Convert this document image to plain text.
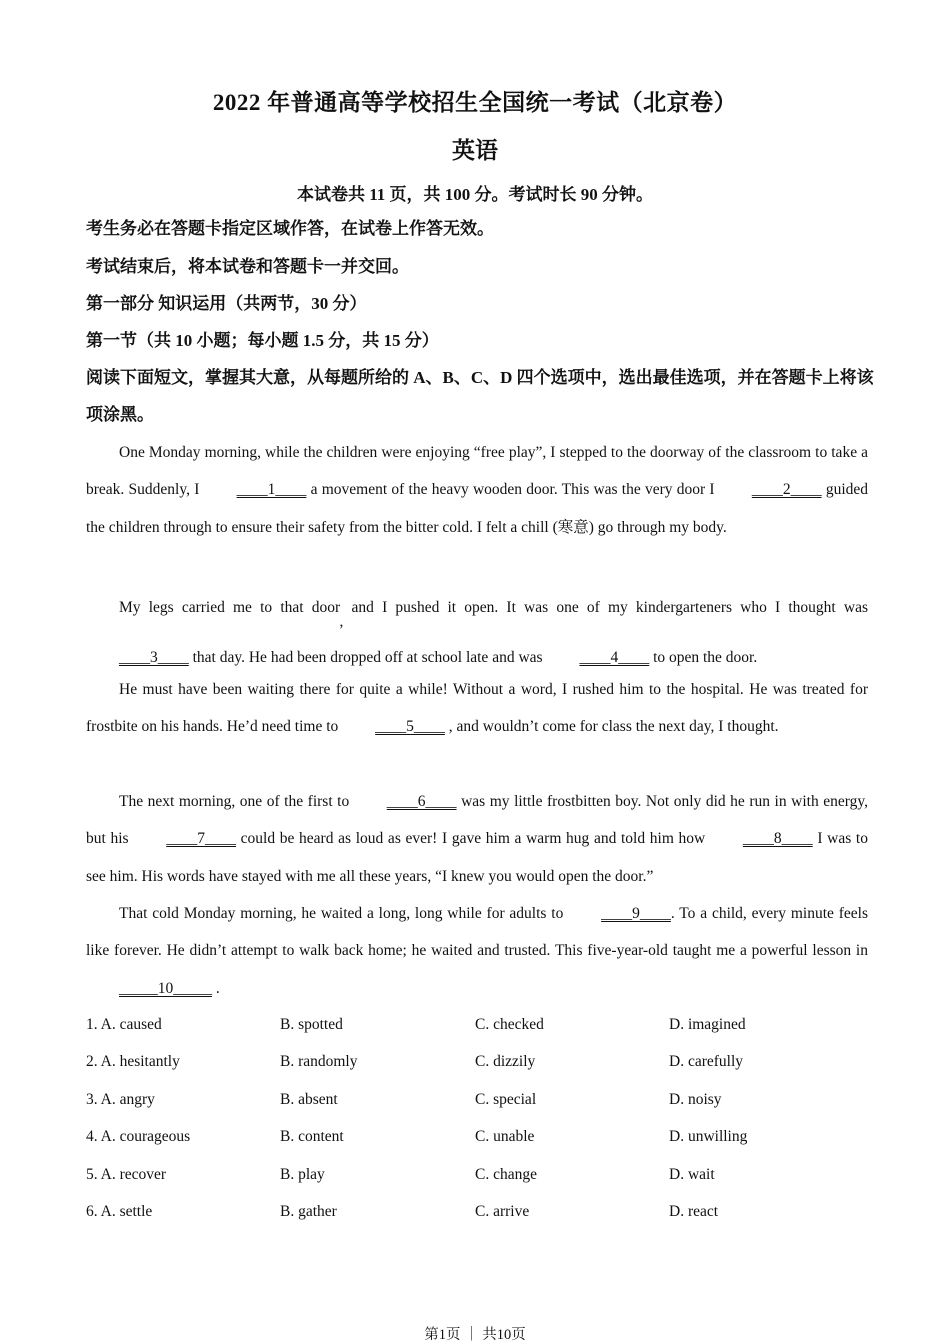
2022 年普通高等学校招生全国统一考试（北京卷）
英语
本试卷共 11 页，共 100 分。考试时长 90 分钟。
考生务必在答题卡指定区域作答，在试卷上作答无效。
考试结束后，将本试卷和答题卡一并交回。
第一部分 知识运用（共两节，30 分）
第一节（共 10 小题；每小题 1.5 分，共 15 分）
阅读下面短文，掌握其大意，从每题所给的 A、B、C、D 四个选项中，选出最佳选项，并在答题卡上将该项涂黑。
One Monday morning, while the children were enjoying “free play”, I stepped to the doorway of the classroom to take a break. Suddenly, I ____1____ a movement of the heavy wooden door. This was the very door I ____2____ guided the children through to ensure their safety from the bitter cold. I felt a chill (寒意) go through my body.
My legs carried me to that door, and I pushed it open. It was one of my kindergarteners who I thought was ____3____ that day. He had been dropped off at school late and was ____4____ to open the door.
He must have been waiting there for quite a while! Without a word, I rushed him to the hospital. He was treated for frostbite on his hands. He’d need time to ____5____ , and wouldn’t come for class the next day, I thought.
The next morning, one of the first to ____6____ was my little frostbitten boy. Not only did he run in with energy, but his ____7____ could be heard as loud as ever! I gave him a warm hug and told him how ____8____ I was to see him. His words have stayed with me all these years, “I knew you would open the door.”
That cold Monday morning, he waited a long, long while for adults to ____9____. To a child, every minute feels like forever. He didn’t attempt to walk back home; he waited and trusted. This five-year-old taught me a powerful lesson in _____10_____ .
1. A. caused	B. spotted	C. checked	D. imagined
2. A. hesitantly	B. randomly	C. dizzily	D. carefully
3. A. angry	B. absent	C. special	D. noisy
4. A. courageous	B. content	C. unable	D. unwilling
5. A. recover	B. play	C. change	D. wait
6. A. settle	B. gather	C. arrive	D. react
第1页 ｜ 共10页
